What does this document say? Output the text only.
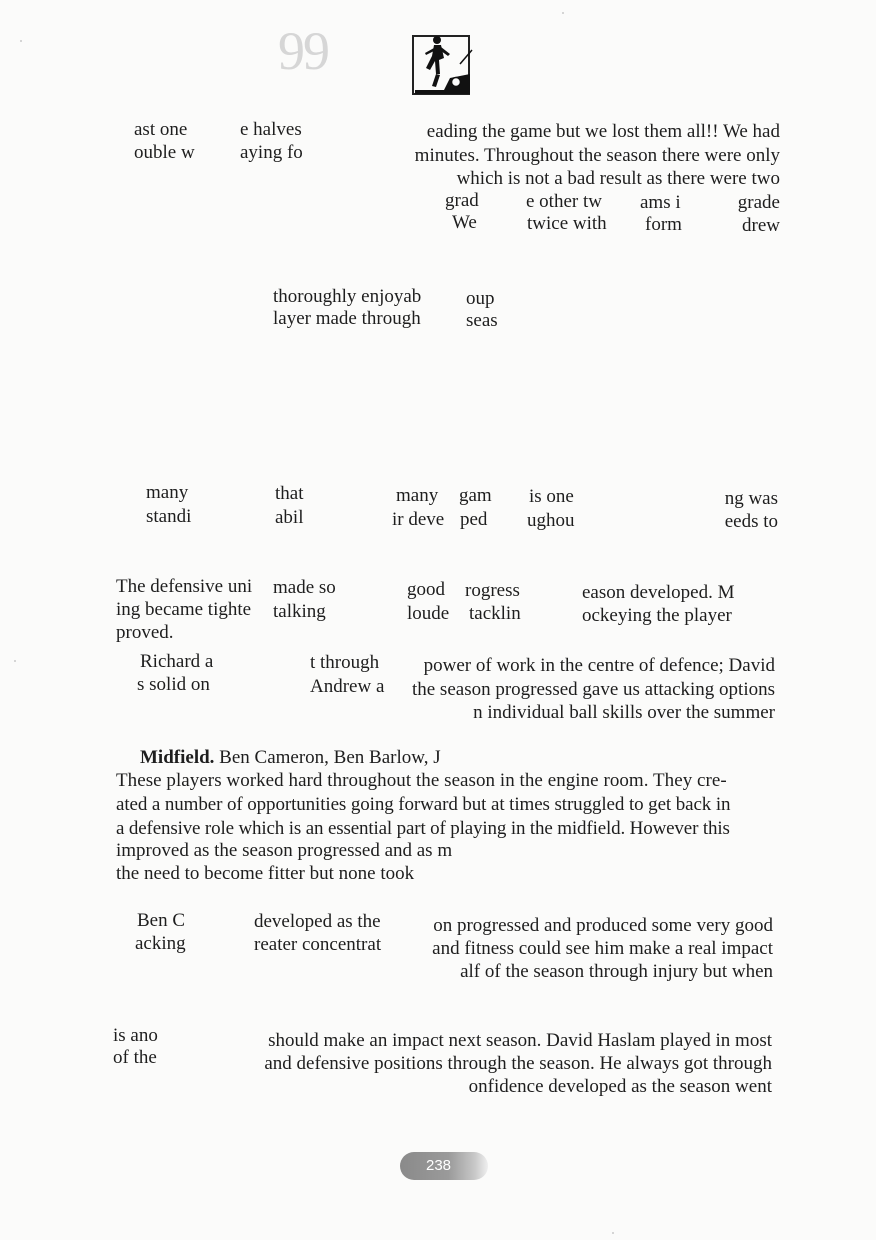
99
ast one	e halves	eading the game but we lost them all!! We had
ouble w aying fo	minutes. Throughout the season there were only
which is not a bad result as there were two
grad e other tw ams i	grade
We	twice with form	drew
thoroughly enjoyab oup
layer made through seas
many	that	many gam is one	ng was
standi	abil	ir deve ped ughou	eeds to
The defensive uni made so	good rogress	eason developed. M
ing became tighte talking	loude tacklin	ockeying the player
proved.
Richard a	t through power of work in the centre of defence; David
s solid on	Andrew a the season progressed gave us attacking options
n individual ball skills over the summer
Midfield. Ben Cameron, Ben Barlow, J
These players worked hard throughout the season in the engine room. They cre-
ated a number of opportunities going forward but at times struggled to get back in
a defensive role which is an essential part of playing in the midfield. However this
improved as the season progressed and as m
the need to become fitter but none took
Ben C	developed as the	on progressed and produced some very good
acking	reater concentrat	and fitness could see him make a real impact
alf of the season through injury but when
is ano	should make an impact next season. David Haslam played in most
of the	and defensive positions through the season. He always got through
onfidence developed as the season went
238
